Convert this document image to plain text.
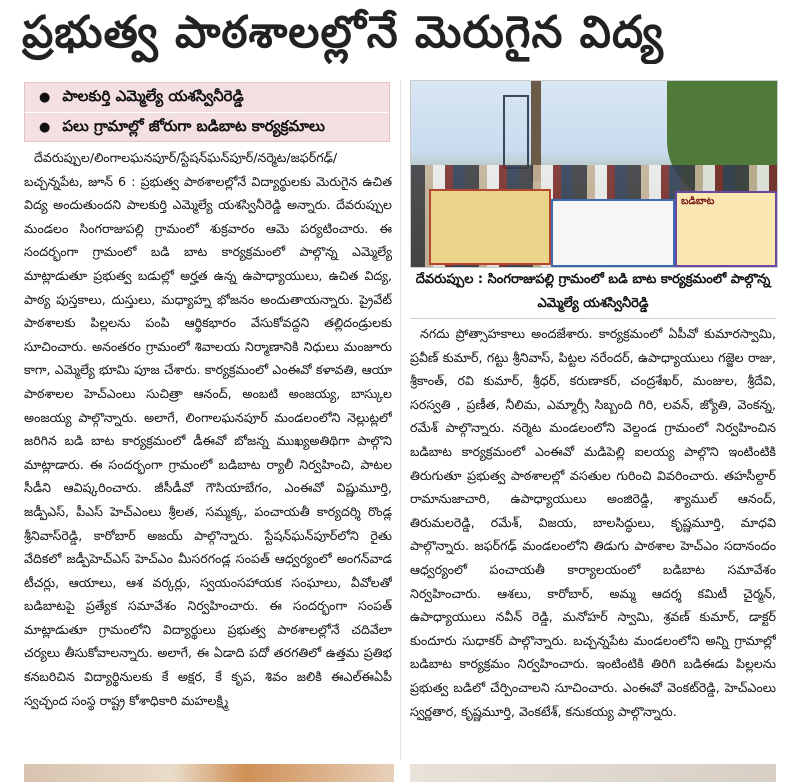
ప్రభుత్వ పాఠశాలల్లోనే మెరుగైన విద్య
● పాలకుర్తి ఎమ్మెల్యే యశస్వినీరెడ్డి
● పలు గ్రామాల్లో జోరుగా బడిబాట కార్యక్రమాలు

దేవరుప్పుల/లింగాలఘనపూర్/స్టేషన్‌ఘన్‌పూర్/నర్మెట/జఫర్‌గఢ్/బచ్చన్నపేట, జూన్ 6 : ప్రభుత్వ పాఠశాలల్లోనే విద్యార్థులకు మెరుగైన ఉచిత విద్య అందుతుందని పాలకుర్తి ఎమ్మెల్యే యశస్వినీరెడ్డి అన్నారు. దేవరుప్పుల మండలం సింగరాజుపల్లి గ్రామంలో శుక్రవారం ఆమె పర్యటించారు. ఈ సందర్భంగా గ్రామంలో బడి బాట కార్యక్రమంలో పాల్గొన్న ఎమ్మెల్యే మాట్లాడుతూ ప్రభుత్వ బడుల్లో అర్హత ఉన్న ఉపాధ్యాయులు, ఉచిత విద్య, పాఠ్య పుస్తకాలు, దుస్తులు, మధ్యాహ్న భోజనం అందుతాయన్నారు. ప్రైవేట్ పాఠశాలకు పిల్లలను పంపి ఆర్థికభారం వేసుకోవద్దని తల్లిదండ్రులకు సూచించారు. అనంతరం గ్రామంలో శివాలయ నిర్మాణానికి నిధులు మంజూరు కాగా, ఎమ్మెల్యే భూమి పూజ చేశారు. కార్యక్రమంలో ఎంఈవో కళావతి, ఆయా పాఠశాలల హెచ్‌ఎంలు సుచిత్రా ఆనంద్, అంబటి అంజయ్య, బాస్కుల అంజయ్య పాల్గొన్నారు. అలాగే, లింగాలఘనపూర్ మండలంలోని నెల్లుట్లలో జరిగిన బడి బాట కార్యక్రమంలో డీఈవో బోజన్న ముఖ్యఅతిథిగా పాల్గొని మాట్లాడారు. ఈ సందర్భంగా గ్రామంలో బడిబాట ర్యాలీ నిర్వహించి, పాటల సీడీని ఆవిష్కరించారు. జీసీడీవో గౌసియాబేగం, ఎంఈవో విష్ణుమూర్తి, జడ్పీఎస్, పీఎస్ హెచ్‌ఎంలు శ్రీలత, సమ్మక్క, పంచాయతీ కార్యదర్శి రొండ్ల శ్రీనివాస్‌రెడ్డి, కారోబార్ అజయ్ పాల్గొన్నారు. స్టేషన్‌ఘన్‌పూర్‌లోని రైతు వేదికలో జడ్పీహెచ్‌ఎస్ హెచ్‌ఎం మీసరగండ్ల సంపత్ ఆధ్వర్యంలో అంగన్‌వాడ టీచర్లు, ఆయాలు, ఆశ వర్కర్లు, స్వయంసహాయక సంఘాలు, వీవోలతో బడిబాటపై ప్రత్యేక సమావేశం నిర్వహించారు. ఈ సందర్భంగా సంపత్ మాట్లాడుతూ గ్రామంలోని విద్యార్థులు ప్రభుత్వ పాఠశాలల్లోనే చదివేలా చర్యలు తీసుకోవాలన్నారు. అలాగే, ఈ ఏడాది పదో తరగతిలో ఉత్తమ ప్రతిభ కనబరిచిన విద్యార్థినులకు కే అక్షర, కే కృప, శివం జలికి ఈఎల్ఈఏపీ స్వచ్ఛంద సంస్థ రాష్ట్ర కోశాధికారి మహలక్ష్మి

బడిబాట
దేవరుప్పుల : సింగరాజుపల్లి గ్రామంలో బడి బాట కార్యక్రమంలో పాల్గొన్న ఎమ్మెల్యే యశస్వినీరెడ్డి

నగదు ప్రోత్సాహకాలు అందజేశారు. కార్యక్రమంలో ఏపీవో కుమారస్వామి, ప్రవీణ్ కుమార్, గట్టు శ్రీనివాస్, పిట్టల నరేందర్, ఉపాధ్యాయులు గజ్జెల రాజు, శ్రీకాంత్, రవి కుమార్, శ్రీధర్, కరుణాకర్, చంద్రశేఖర్, మంజుల, శ్రీదేవి, సరస్వతి , ప్రణీత, నీలిమ, ఎమ్మార్సీ సిబ్బంది గిరి, లవన్, జ్యోతి, వెంకన్న, రమేశ్ పాల్గొన్నారు. నర్మెట మండలంలోని వెల్దండ గ్రామంలో నిర్వహించిన బడిబాట కార్యక్రమంలో ఎంఈవో మడిపెల్లి ఐలయ్య పాల్గొని ఇంటింటికి తిరుగుతూ ప్రభుత్వ పాఠశాలల్లో వసతుల గురించి వివరించారు. తహసీల్దార్ రామానుజాచారి, ఉపాధ్యాయులు అంజిరెడ్డి, శ్యాముల్ ఆనంద్, తిరుమలరెడ్డి, రమేశ్, విజయ, బాలసిద్ధులు, కృష్ణమూర్తి, మాధవి పాల్గొన్నారు. జఫర్‌గఢ్ మండలంలోని తిడుగు పాఠశాల హెచ్‌ఎం సదానందం ఆధ్వర్యంలో పంచాయతీ కార్యాలయంలో బడిబాట సమావేశం నిర్వహించారు. ఆశలు, కారోబార్, అమ్మ ఆదర్శ కమిటీ చైర్మన్, ఉపాధ్యాయులు నవీన్ రెడ్డి, మనోహర్ స్వామి, శ్రవణ్ కుమార్, డాక్టర్ కుందూరు సుధాకర్ పాల్గొన్నారు. బచ్చన్నపేట మండలంలోని అన్ని గ్రామాల్లో బడిబాట కార్యక్రమం నిర్వహించారు. ఇంటింటికి తిరిగి బడిఈడు పిల్లలను ప్రభుత్వ బడిలో చేర్పించాలని సూచించారు. ఎంఈవో వెంకట్‌రెడ్డి, హెచ్‌ఎంలు స్వర్ణతార, కృష్ణమూర్తి, వెంకటేశ్, కనుకయ్య పాల్గొన్నారు.
